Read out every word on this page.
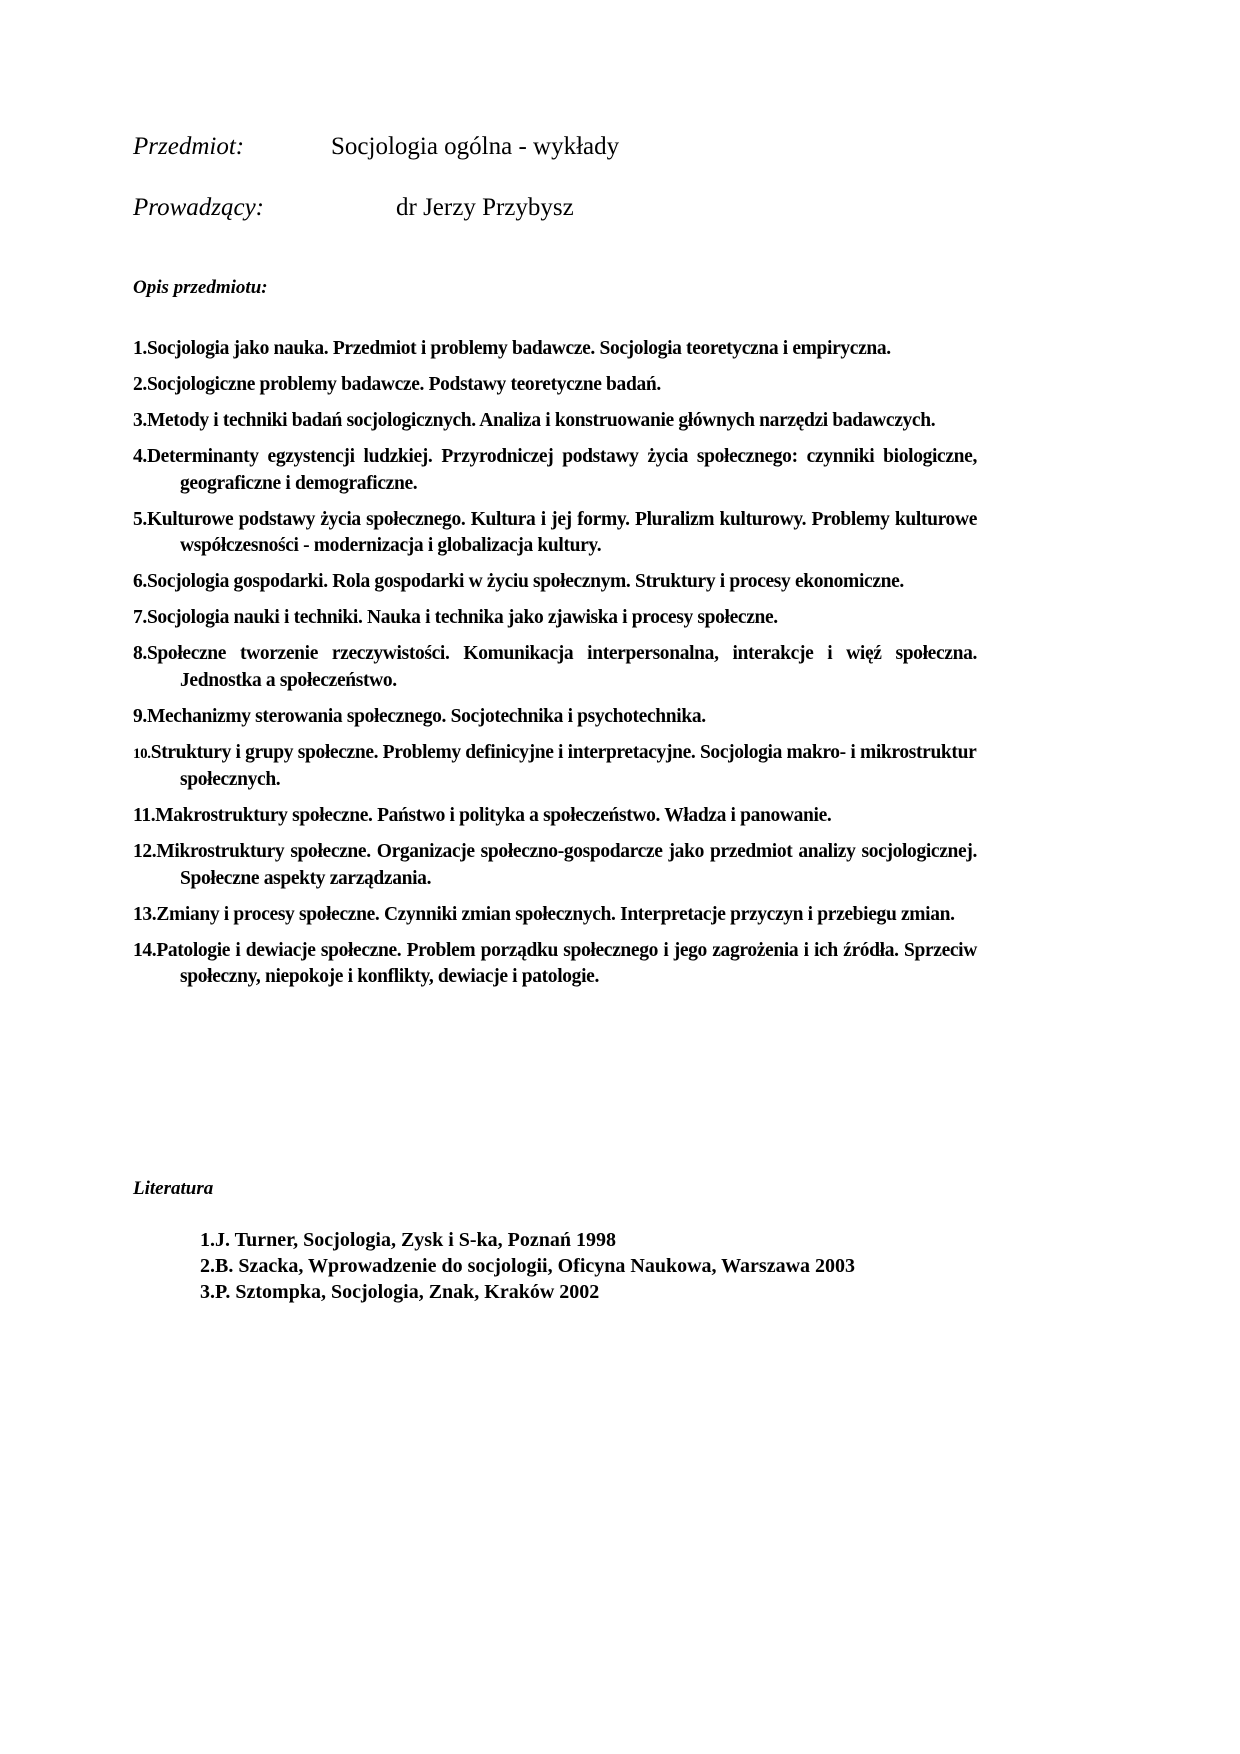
Przedmiot:	Socjologia ogólna - wykłady
Prowadzący:	dr Jerzy Przybysz
Opis przedmiotu:
1.Socjologia jako nauka. Przedmiot i problemy badawcze. Socjologia teoretyczna i empiryczna.
2.Socjologiczne problemy badawcze. Podstawy teoretyczne badań.
3.Metody i techniki badań socjologicznych. Analiza i konstruowanie głównych narzędzi badawczych.
4.Determinanty egzystencji ludzkiej. Przyrodniczej podstawy życia społecznego: czynniki biologiczne, geograficzne i demograficzne.
5.Kulturowe podstawy życia społecznego. Kultura i jej formy. Pluralizm kulturowy. Problemy kulturowe współczesności - modernizacja i globalizacja kultury.
6.Socjologia gospodarki. Rola gospodarki w życiu społecznym. Struktury i procesy ekonomiczne.
7.Socjologia nauki i techniki. Nauka i technika jako zjawiska i procesy społeczne.
8.Społeczne tworzenie rzeczywistości. Komunikacja interpersonalna, interakcje i więź społeczna. Jednostka a społeczeństwo.
9.Mechanizmy sterowania społecznego. Socjotechnika i psychotechnika.
10.Struktury i grupy społeczne. Problemy definicyjne i interpretacyjne. Socjologia makro- i mikrostruktur społecznych.
11.Makrostruktury społeczne. Państwo i polityka a społeczeństwo. Władza i panowanie.
12.Mikrostruktury społeczne. Organizacje społeczno-gospodarcze jako przedmiot analizy socjologicznej. Społeczne aspekty zarządzania.
13.Zmiany i procesy społeczne. Czynniki zmian społecznych. Interpretacje przyczyn i przebiegu zmian.
14.Patologie i dewiacje społeczne. Problem porządku społecznego i jego zagrożenia i ich źródła. Sprzeciw społeczny, niepokoje i konflikty, dewiacje i patologie.
Literatura
1.J. Turner, Socjologia, Zysk i S-ka, Poznań 1998
2.B. Szacka, Wprowadzenie do socjologii, Oficyna Naukowa, Warszawa 2003
3.P. Sztompka, Socjologia, Znak, Kraków 2002
